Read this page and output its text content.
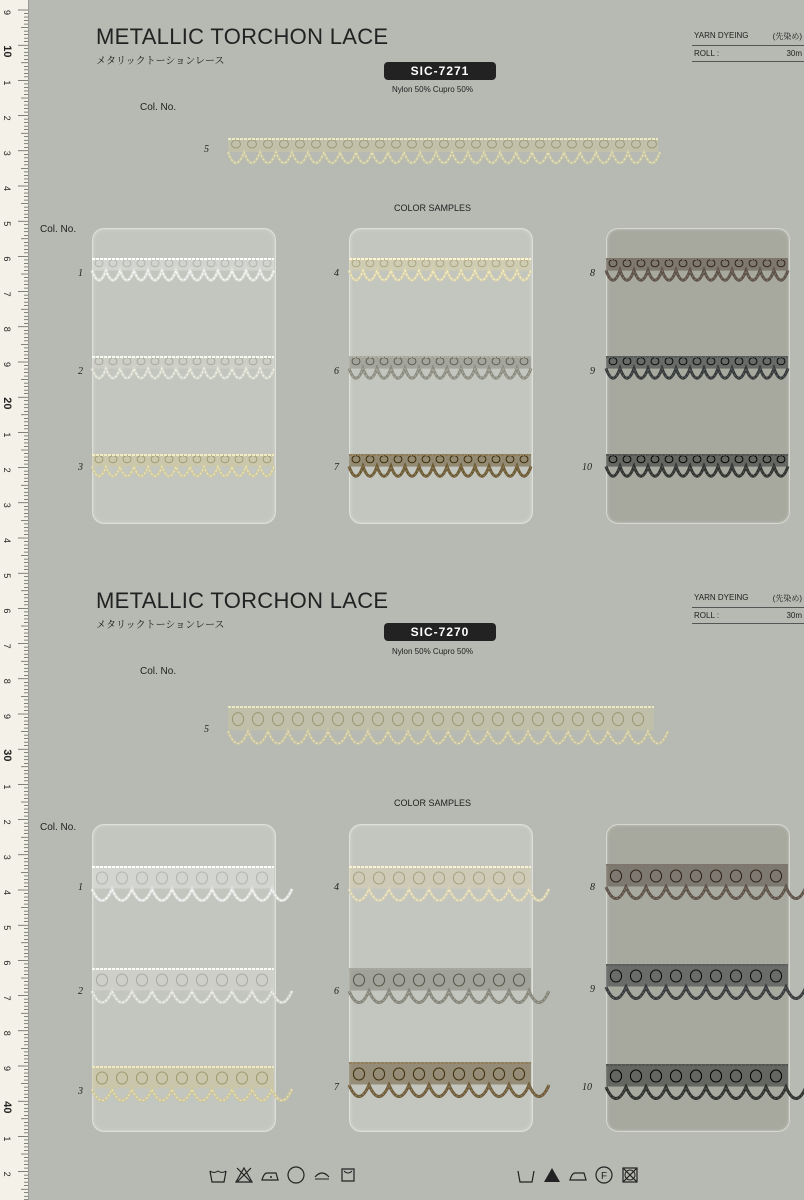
9
10
1
2
3
4
5
6
7
8
9
20
1
2
3
4
5
6
7
8
9
30
1
2
3
4
5
6
7
8
9
40
1
2
METALLIC TORCHON LACE
メタリックトーションレース
SIC-7271
Nylon 50% Cupro 50%
YARN DYEING	(先染め)
ROLL :	30m
Col. No.
5
COLOR SAMPLES
Col. No.
1
2
3
4
6
7
8
9
10
METALLIC TORCHON LACE
メタリックトーションレース	SIC-7270
Nylon 50% Cupro 50%
YARN DYEING	(先染め)
ROLL :	30m
Col. No.
5
COLOR SAMPLES
Col. No.
1
2
3
4
6
7
8
9
10
F
